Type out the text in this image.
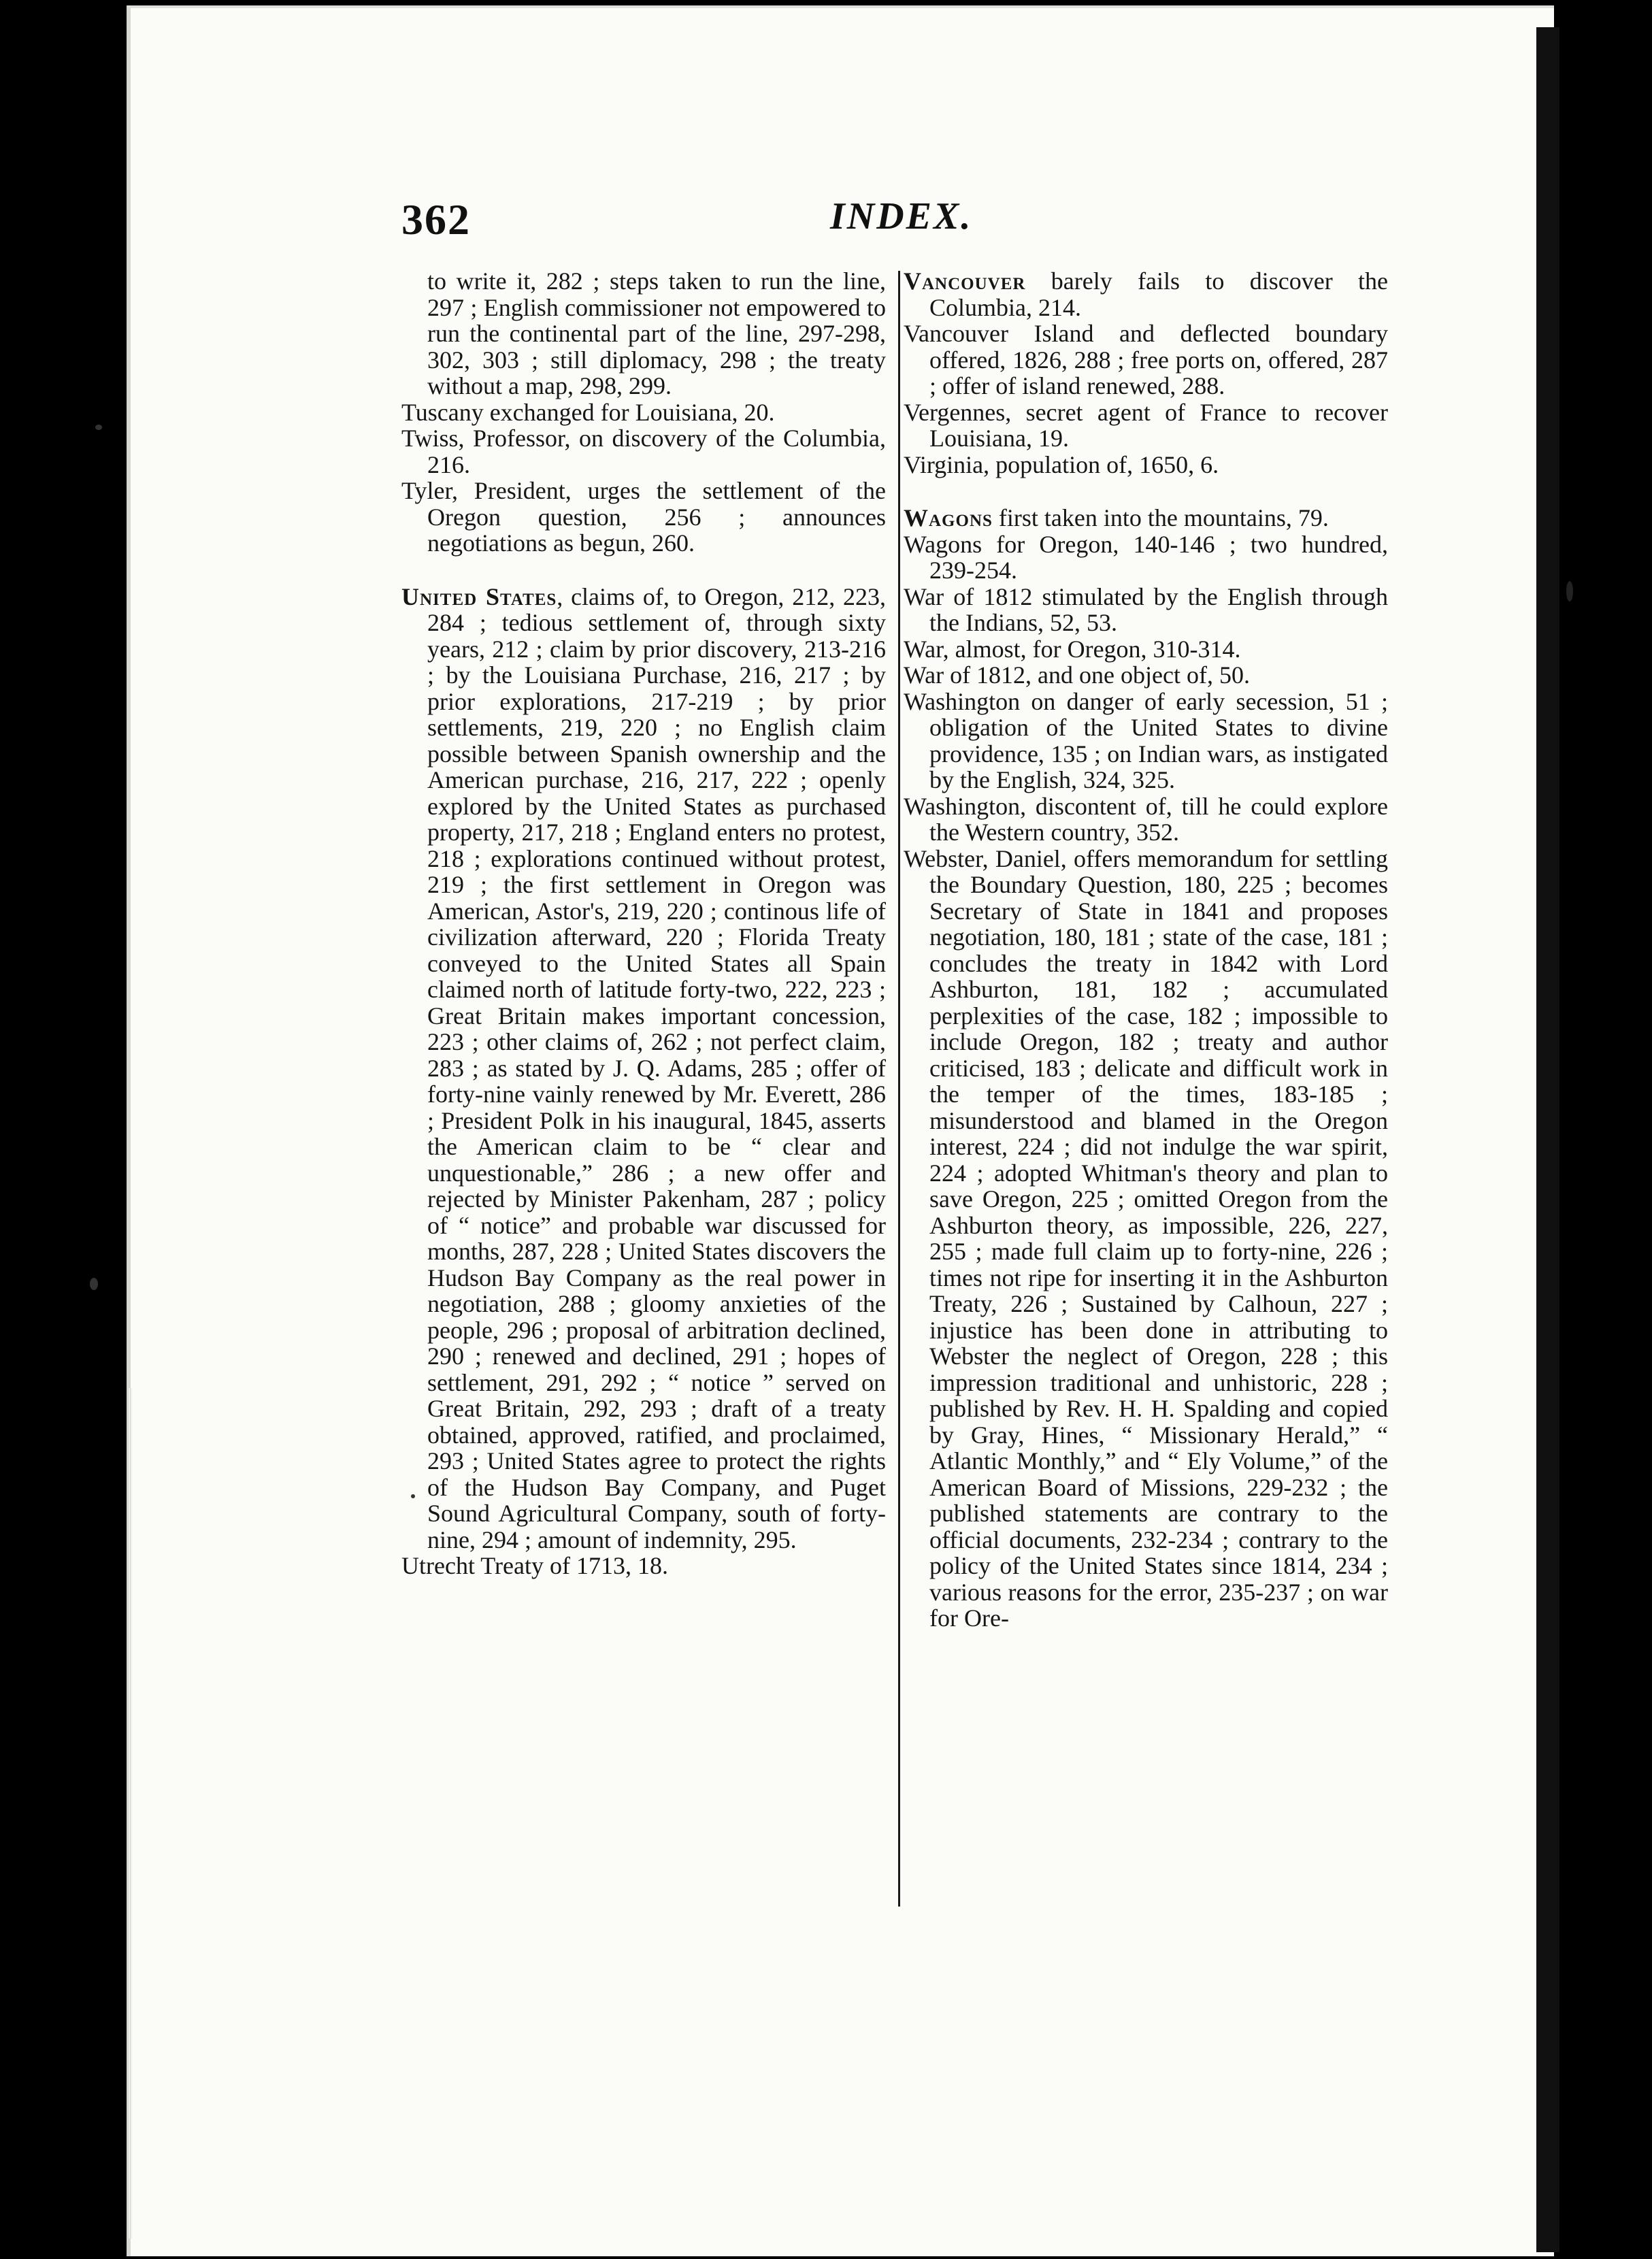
362	INDEX.

to write it, 282 ; steps taken to run the line, 297 ; English commissioner not empowered to run the continental part of the line, 297-298, 302, 303 ; still diplomacy, 298 ; the treaty without a map, 298, 299.

Tuscany exchanged for Louisiana, 20.

Twiss, Professor, on discovery of the Columbia, 216.

Tyler, President, urges the settlement of the Oregon question, 256 ; announces negotiations as begun, 260.

United States, claims of, to Oregon, 212, 223, 284 ; tedious settlement of, through sixty years, 212 ; claim by prior discovery, 213-216 ; by the Louisiana Purchase, 216, 217 ; by prior explorations, 217-219 ; by prior settlements, 219, 220 ; no English claim possible between Spanish ownership and the American purchase, 216, 217, 222 ; openly explored by the United States as purchased property, 217, 218 ; England enters no protest, 218 ; explorations continued without protest, 219 ; the first settlement in Oregon was American, Astor's, 219, 220 ; continous life of civilization afterward, 220 ; Florida Treaty conveyed to the United States all Spain claimed north of latitude forty-two, 222, 223 ; Great Britain makes important concession, 223 ; other claims of, 262 ; not perfect claim, 283 ; as stated by J. Q. Adams, 285 ; offer of forty-nine vainly renewed by Mr. Everett, 286 ; President Polk in his inaugural, 1845, asserts the American claim to be “ clear and unquestionable,” 286 ; a new offer and rejected by Minister Pakenham, 287 ; policy of “ notice” and probable war discussed for months, 287, 228 ; United States discovers the Hudson Bay Company as the real power in negotiation, 288 ; gloomy anxieties of the people, 296 ; proposal of arbitration declined, 290 ; renewed and declined, 291 ; hopes of settlement, 291, 292 ; “ notice ” served on Great Britain, 292, 293 ; draft of a treaty obtained, approved, ratified, and proclaimed, 293 ; United States agree to protect the rights of the Hudson Bay Company, and Puget Sound Agricultural Company, south of forty-nine, 294 ; amount of indemnity, 295.

Utrecht Treaty of 1713, 18.

Vancouver barely fails to discover the Columbia, 214.

Vancouver Island and deflected boundary offered, 1826, 288 ; free ports on, offered, 287 ; offer of island renewed, 288.

Vergennes, secret agent of France to recover Louisiana, 19.

Virginia, population of, 1650, 6.

Wagons first taken into the mountains, 79.

Wagons for Oregon, 140-146 ; two hundred, 239-254.

War of 1812 stimulated by the English through the Indians, 52, 53.

War, almost, for Oregon, 310-314.

War of 1812, and one object of, 50.

Washington on danger of early secession, 51 ; obligation of the United States to divine providence, 135 ; on Indian wars, as instigated by the English, 324, 325.

Washington, discontent of, till he could explore the Western country, 352.

Webster, Daniel, offers memorandum for settling the Boundary Question, 180, 225 ; becomes Secretary of State in 1841 and proposes negotiation, 180, 181 ; state of the case, 181 ; concludes the treaty in 1842 with Lord Ashburton, 181, 182 ; accumulated perplexities of the case, 182 ; impossible to include Oregon, 182 ; treaty and author criticised, 183 ; delicate and difficult work in the temper of the times, 183-185 ; misunderstood and blamed in the Oregon interest, 224 ; did not indulge the war spirit, 224 ; adopted Whitman's theory and plan to save Oregon, 225 ; omitted Oregon from the Ashburton theory, as impossible, 226, 227, 255 ; made full claim up to forty-nine, 226 ; times not ripe for inserting it in the Ashburton Treaty, 226 ; Sustained by Calhoun, 227 ; injustice has been done in attributing to Webster the neglect of Oregon, 228 ; this impression traditional and unhistoric, 228 ; published by Rev. H. H. Spalding and copied by Gray, Hines, “ Missionary Herald,” “ Atlantic Monthly,” and “ Ely Volume,” of the American Board of Missions, 229-232 ; the published statements are contrary to the official documents, 232-234 ; contrary to the policy of the United States since 1814, 234 ; various reasons for the error, 235-237 ; on war for Ore-
